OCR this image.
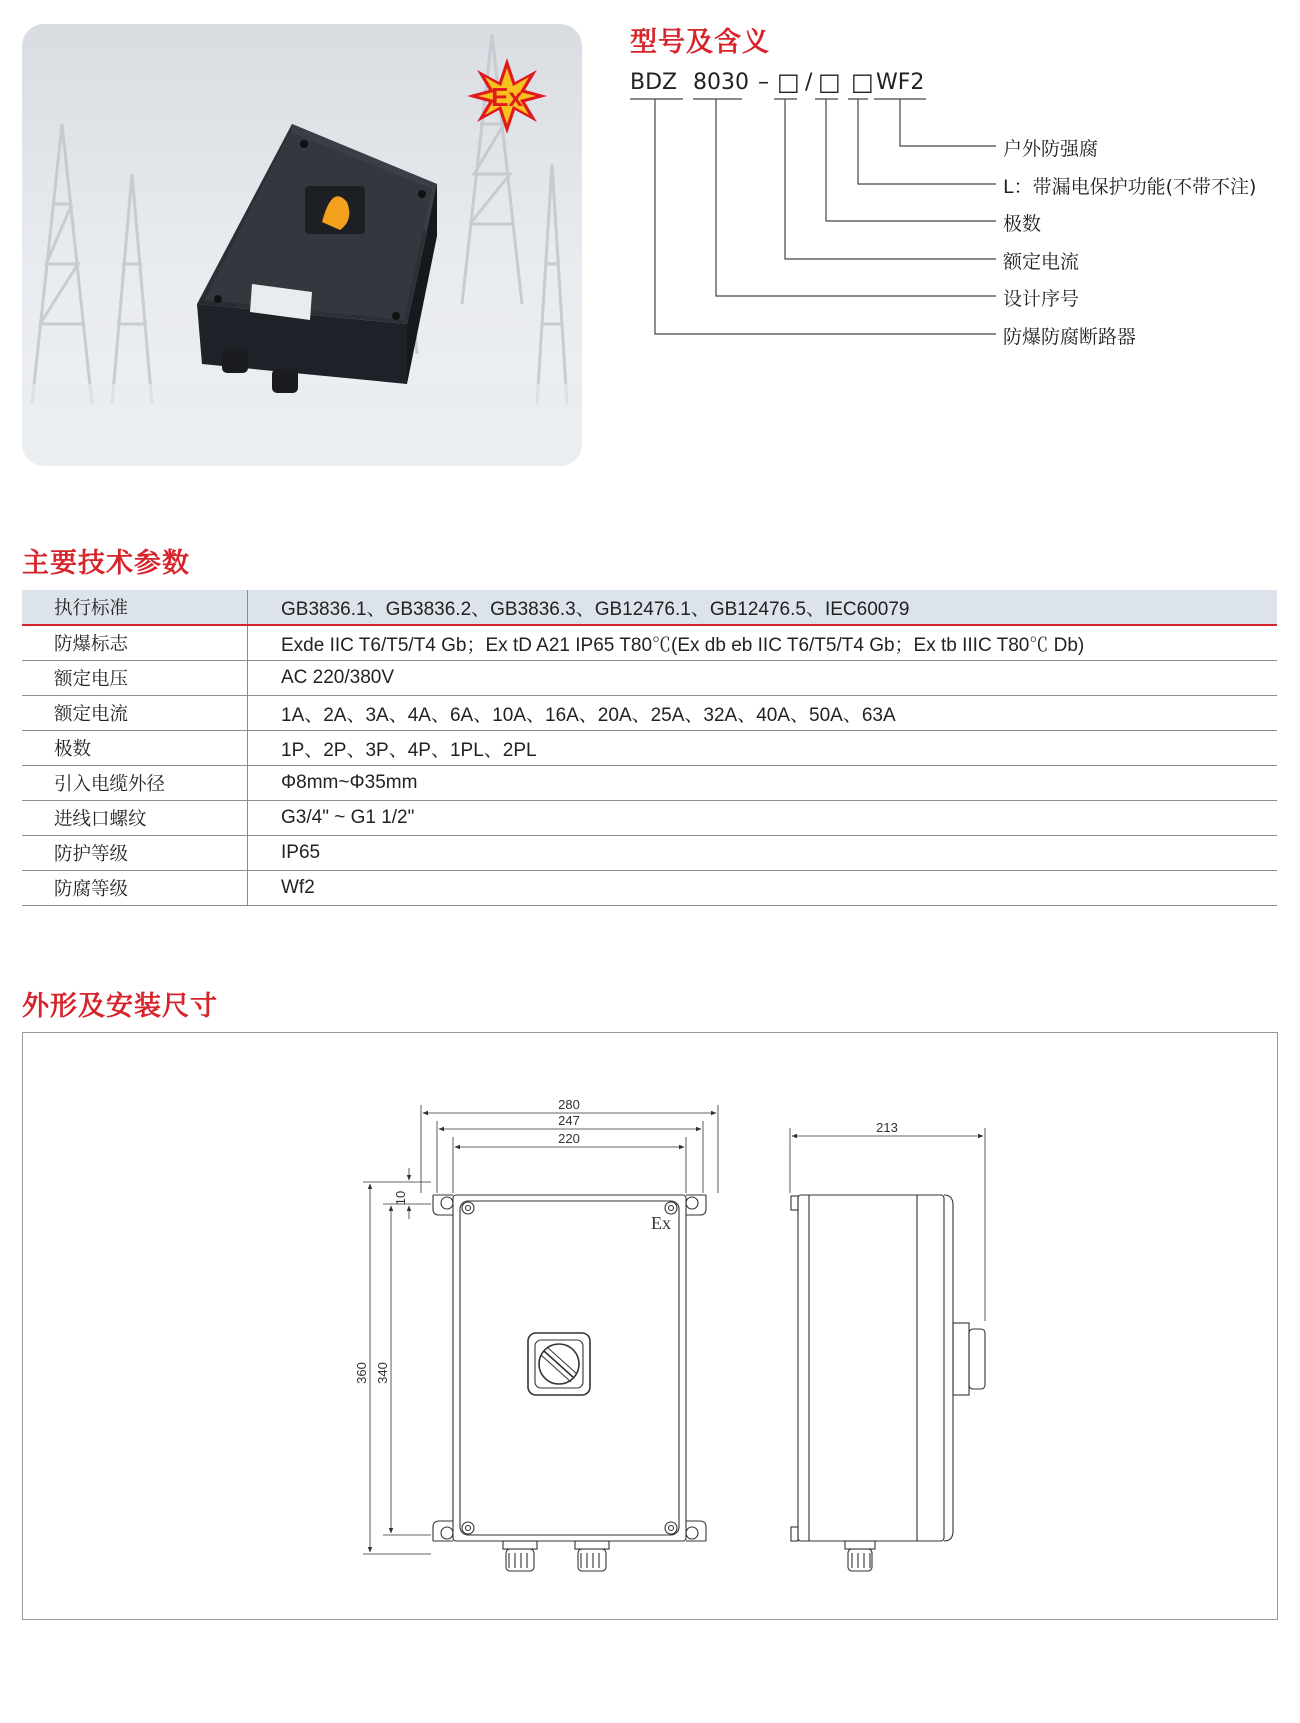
Ex
型号及含义
BDZ 8030 – □ / □ □ WF2
户外防强腐
L：带漏电保护功能(不带不注)
极数
额定电流
设计序号
防爆防腐断路器
主要技术参数
执行标准	GB3836.1、GB3836.2、GB3836.3、GB12476.1、GB12476.5、IEC60079
防爆标志	Exde IIC T6/T5/T4 Gb；Ex tD A21 IP65 T80℃(Ex db eb IIC T6/T5/T4 Gb；Ex tb IIIC T80℃ Db)
额定电压	AC 220/380V
额定电流	1A、2A、3A、4A、6A、10A、16A、20A、25A、32A、40A、50A、63A
极数	1P、2P、3P、4P、1PL、2PL
引入电缆外径	Φ8mm~Φ35mm
进线口螺纹	G3/4" ~ G1 1/2"
防护等级	IP65
防腐等级	Wf2
外形及安装尺寸
280
247
220
360 340
10
Ex
213
